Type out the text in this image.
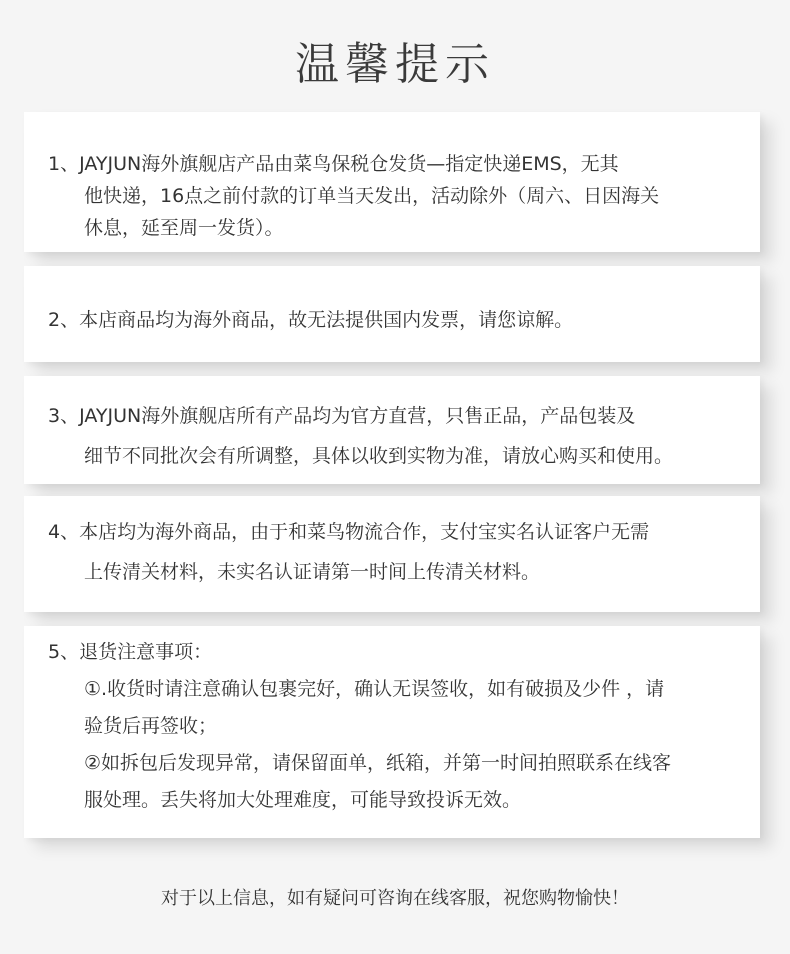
温馨提示
1、JAYJUN海外旗舰店产品由菜鸟保税仓发货—指定快递EMS，无其
他快递，16点之前付款的订单当天发出，活动除外（周六、日因海关
休息，延至周一发货）。
2、本店商品均为海外商品，故无法提供国内发票，请您谅解。
3、JAYJUN海外旗舰店所有产品均为官方直营，只售正品，产品包装及
细节不同批次会有所调整，具体以收到实物为准，请放心购买和使用。
4、本店均为海外商品，由于和菜鸟物流合作，支付宝实名认证客户无需
上传清关材料，未实名认证请第一时间上传清关材料。
5、退货注意事项：
①.收货时请注意确认包裹完好，确认无误签收，如有破损及少件 ，请
验货后再签收；
②如拆包后发现异常，请保留面单，纸箱，并第一时间拍照联系在线客
服处理。丢失将加大处理难度，可能导致投诉无效。
对于以上信息，如有疑问可咨询在线客服，祝您购物愉快！
